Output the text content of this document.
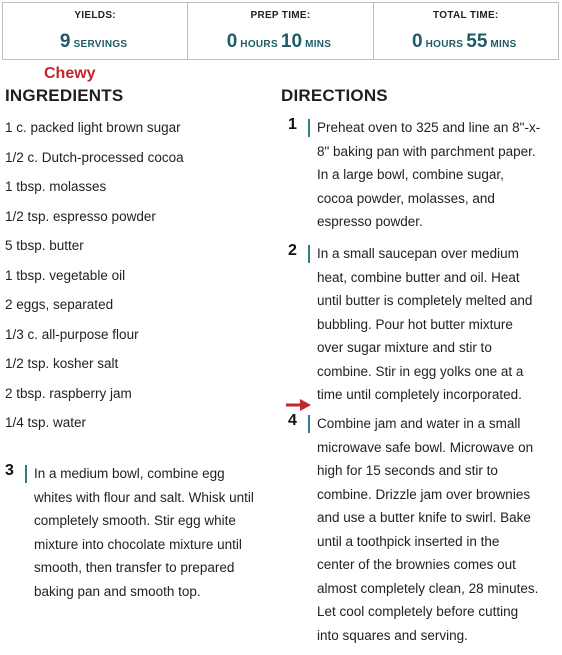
YIELDS:
9 SERVINGS
PREP TIME:
0 HOURS 10 MINS
TOTAL TIME:
0 HOURS 55 MINS
Chewy
INGREDIENTS
1 c. packed light brown sugar
1/2 c. Dutch-processed cocoa
1 tbsp. molasses
1/2 tsp. espresso powder
5 tbsp. butter
1 tbsp. vegetable oil
2 eggs, separated
1/3 c. all-purpose flour
1/2 tsp. kosher salt
2 tbsp. raspberry jam
1/4 tsp. water
3 In a medium bowl, combine egg
whites with flour and salt. Whisk until
completely smooth. Stir egg white
mixture into chocolate mixture until
smooth, then transfer to prepared
baking pan and smooth top.
DIRECTIONS
1 Preheat oven to 325 and line an 8"-x-
8" baking pan with parchment paper.
In a large bowl, combine sugar,
cocoa powder, molasses, and
espresso powder.
2 In a small saucepan over medium
heat, combine butter and oil. Heat
until butter is completely melted and
bubbling. Pour hot butter mixture
over sugar mixture and stir to
combine. Stir in egg yolks one at a
time until completely incorporated.
4 Combine jam and water in a small
microwave safe bowl. Microwave on
high for 15 seconds and stir to
combine. Drizzle jam over brownies
and use a butter knife to swirl. Bake
until a toothpick inserted in the
center of the brownies comes out
almost completely clean, 28 minutes.
Let cool completely before cutting
into squares and serving.
